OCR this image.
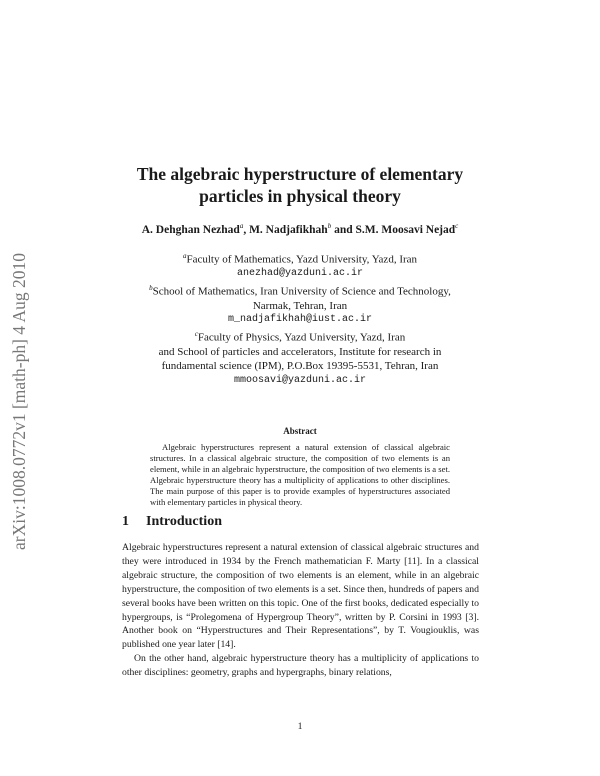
arXiv:1008.0772v1 [math-ph] 4 Aug 2010
The algebraic hyperstructure of elementary
particles in physical theory
A. Dehghan Nezhad$^a$, M. Nadjafikhah$^b$ and S.M. Moosavi Nejad$^c$
$^a$Faculty of Mathematics, Yazd University, Yazd, Iran
anezhad@yazduni.ac.ir
$^b$School of Mathematics, Iran University of Science and Technology,
Narmak, Tehran, Iran
m_nadjafikhah@iust.ac.ir
$^c$Faculty of Physics, Yazd University, Yazd, Iran
and School of particles and accelerators, Institute for research in
fundamental science (IPM), P.O.Box 19395-5531, Tehran, Iran
mmoosavi@yazduni.ac.ir
Abstract

Algebraic hyperstructures represent a natural extension of classical algebraic structures. In a classical algebraic structure, the composition of two elements is an element, while in an algebraic hyperstructure, the composition of two elements is a set. Algebraic hyperstructure theory has a multiplicity of applications to other disciplines. The main purpose of this paper is to provide examples of hyperstructures associated with elementary particles in physical theory.

1 Introduction

Algebraic hyperstructures represent a natural extension of classical algebraic structures and they were introduced in 1934 by the French mathematician F. Marty [11]. In a classical algebraic structure, the composition of two elements is an element, while in an algebraic hyperstructure, the composition of two elements is a set. Since then, hundreds of papers and several books have been written on this topic. One of the first books, dedicated especially to hypergroups, is “Prolegomena of Hypergroup Theory”, written by P. Corsini in 1993 [3]. Another book on “Hyperstructures and Their Representations”, by T. Vougiouklis, was published one year later [14].

On the other hand, algebraic hyperstructure theory has a multiplicity of applications to other disciplines: geometry, graphs and hypergraphs, binary relations,

1
